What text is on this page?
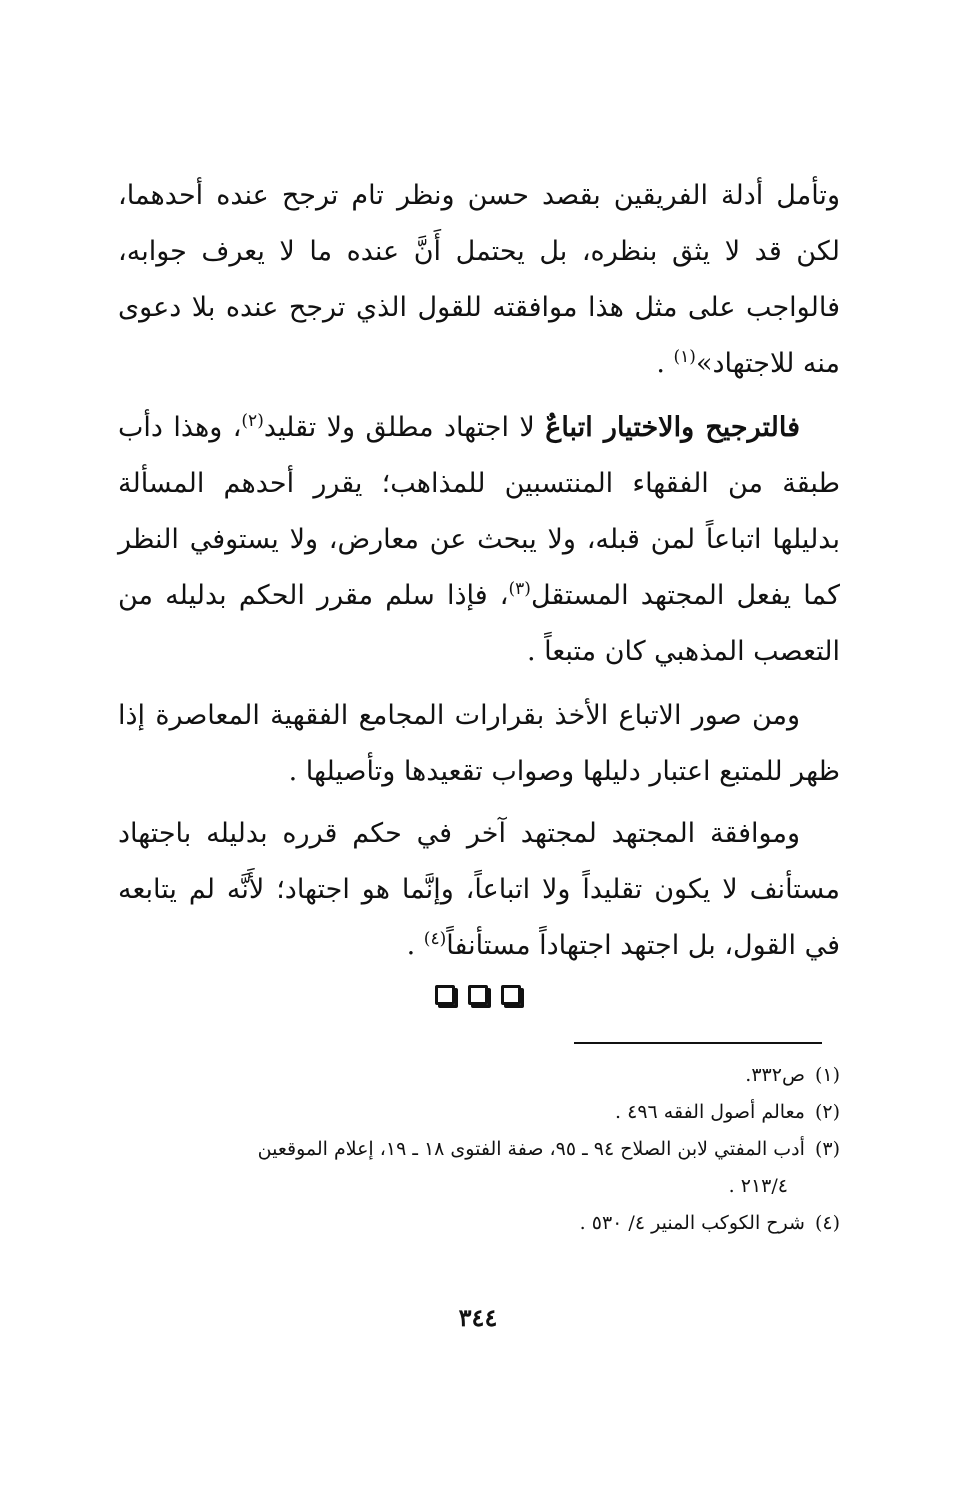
وتأمل أدلة الفريقين بقصد حسن ونظر تام ترجح عنده أحدهما، لكن قد لا يثق بنظره، بل يحتمل أَنَّ عنده ما لا يعرف جوابه، فالواجب على مثل هذا موافقته للقول الذي ترجح عنده بلا دعوى منه للاجتهاد»$^{(١)}$ .

فالترجيح والاختيار اتباعٌ لا اجتهاد مطلق ولا تقليد$^{(٢)}$، وهذا دأب طبقة من الفقهاء المنتسبين للمذاهب؛ يقرر أحدهم المسألة بدليلها اتباعاً لمن قبله، ولا يبحث عن معارض، ولا يستوفي النظر كما يفعل المجتهد المستقل$^{(٣)}$، فإذا سلم مقرر الحكم بدليله من التعصب المذهبي كان متبعاً .

ومن صور الاتباع الأخذ بقرارات المجامع الفقهية المعاصرة إذا ظهر للمتبع اعتبار دليلها وصواب تقعيدها وتأصيلها .

وموافقة المجتهد لمجتهد آخر في حكم قرره بدليله باجتهاد مستأنف لا يكون تقليداً ولا اتباعاً، وإنَّما هو اجتهاد؛ لأَنَّه لم يتابعه في القول، بل اجتهد اجتهاداً مستأنفاً$^{(٤)}$ .

(١)ص٣٣٢.
(٢)معالم أصول الفقه ٤٩٦ .
(٣)أدب المفتي لابن الصلاح ٩٤ ـ ٩٥، صفة الفتوى ١٨ ـ ١٩، إعلام الموقعين
٢١٣/٤ .
(٤)شرح الكوكب المنير ٤/ ٥٣٠ .
٣٤٤
